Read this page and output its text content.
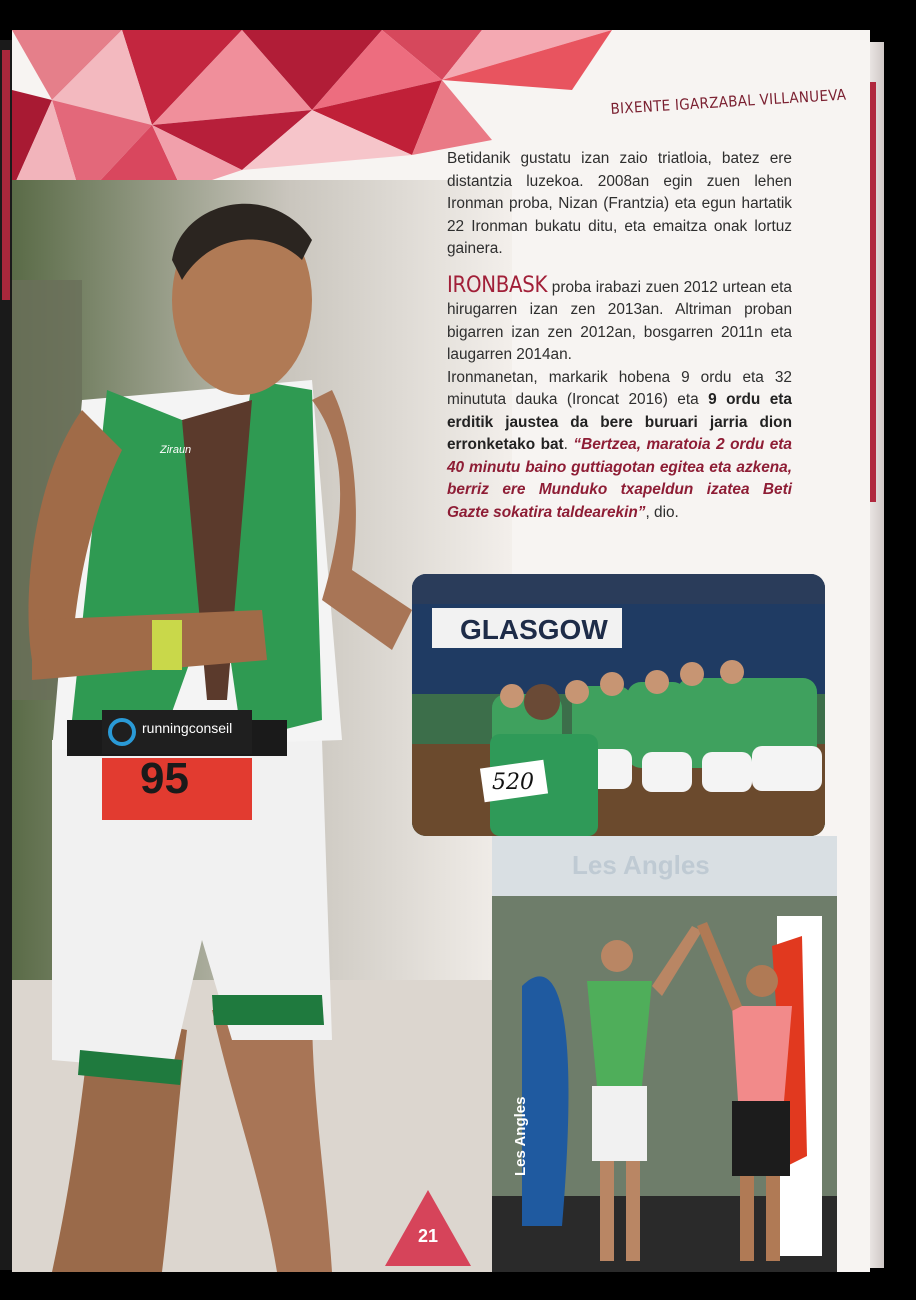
runningconseil
95
Ziraun
BIXENTE IGARZABAL VILLANUEVA

Betidanik gustatu izan zaio triatloia, batez ere distantzia luzekoa. 2008an egin zuen lehen Ironman proba, Nizan (Frantzia) eta egun hartatik 22 Ironman bukatu ditu, eta emaitza onak lortuz gainera.

IRONBASK proba irabazi zuen 2012 urtean eta hirugarren izan zen 2013an. Altriman proban bigarren izan zen 2012an, bosgarren 2011n eta laugarren 2014an.

Ironmanetan, markarik hobena 9 ordu eta 32 minututa dauka (Ironcat 2016) eta 9 ordu eta erditik jaustea da bere buruari jarria dion erronketako bat. “Bertzea, maratoia 2 ordu eta 40 minutu baino guttiagotan egitea eta azkena, berriz ere Munduko txapeldun izatea Beti Gazte sokatira taldearekin”, dio.

GLASGOW
520
Les Angles
Les Angles
21
